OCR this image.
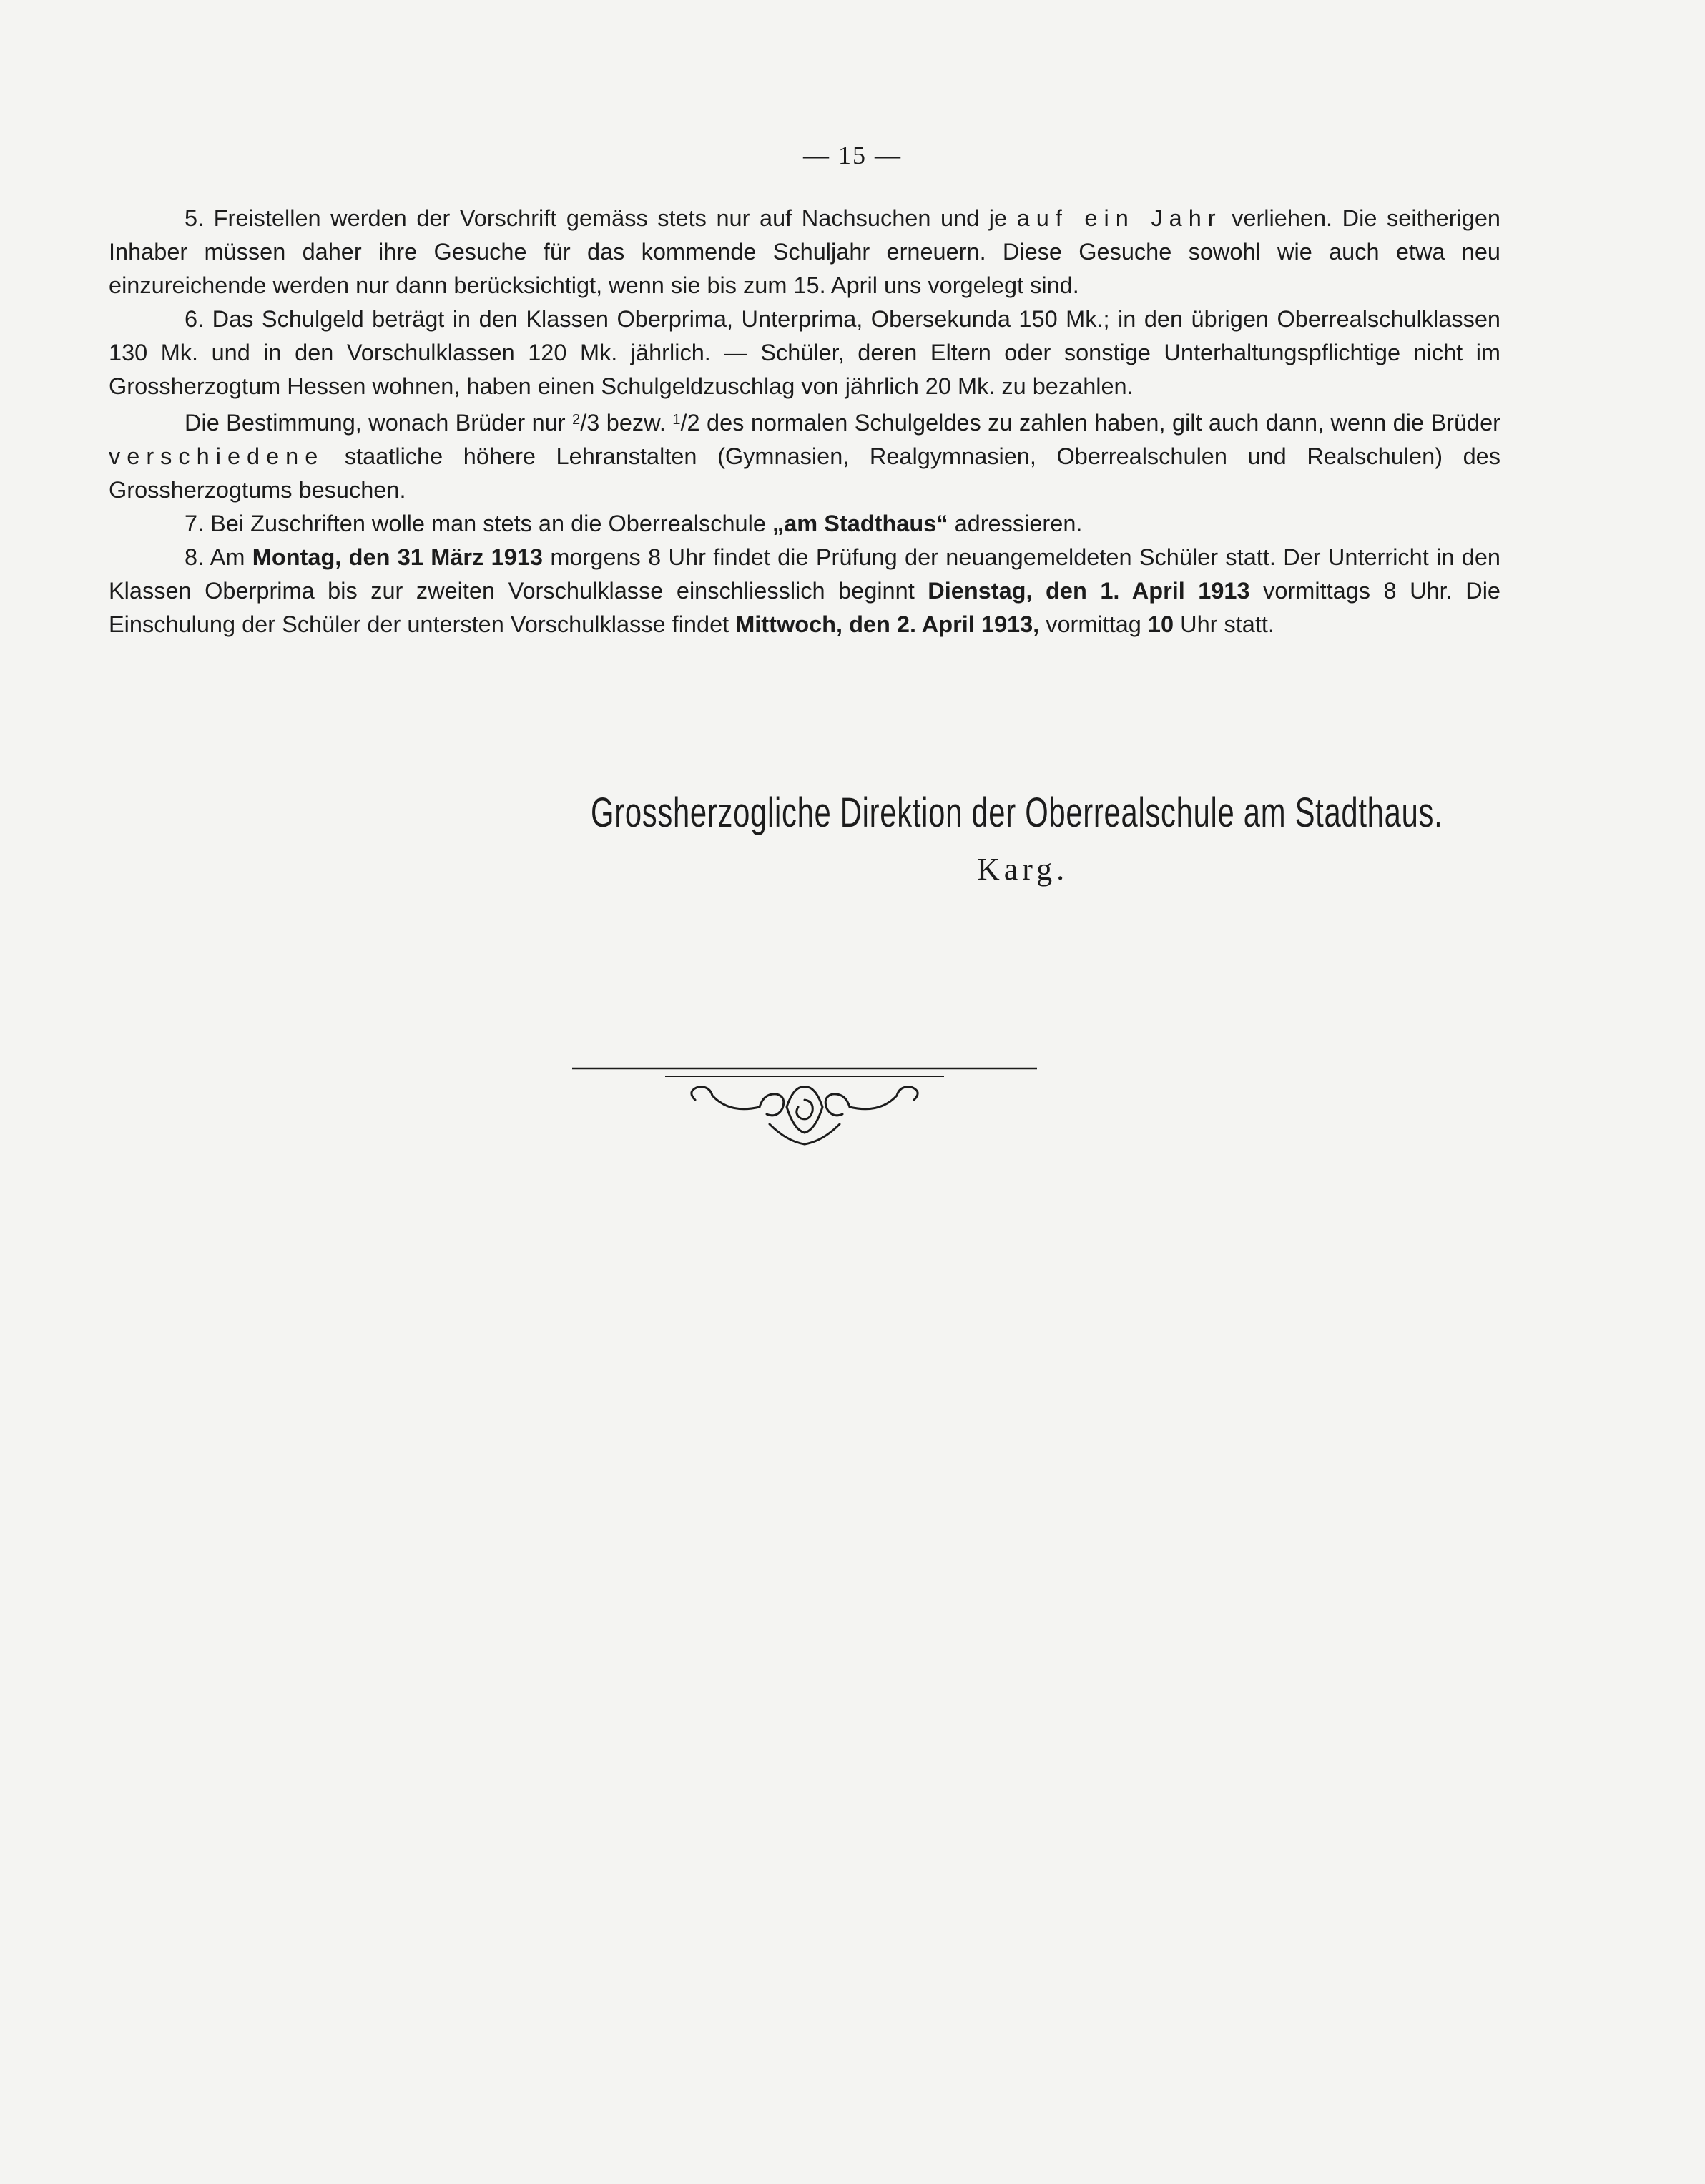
— 15 —

5. Freistellen werden der Vorschrift gemäss stets nur auf Nachsuchen und je auf ein Jahr verliehen. Die seitherigen Inhaber müssen daher ihre Gesuche für das kommende Schuljahr erneuern. Diese Gesuche sowohl wie auch etwa neu einzureichende werden nur dann berücksichtigt, wenn sie bis zum 15. April uns vorgelegt sind.

6. Das Schulgeld beträgt in den Klassen Oberprima, Unterprima, Obersekunda 150 Mk.; in den übrigen Oberrealschulklassen 130 Mk. und in den Vorschulklassen 120 Mk. jährlich. — Schüler, deren Eltern oder sonstige Unterhaltungspflichtige nicht im Grossherzogtum Hessen wohnen, haben einen Schulgeldzuschlag von jährlich 20 Mk. zu bezahlen.

Die Bestimmung, wonach Brüder nur $^2$/3 bezw. $^1$/2 des normalen Schulgeldes zu zahlen haben, gilt auch dann, wenn die Brüder verschiedene staatliche höhere Lehranstalten (Gymnasien, Realgymnasien, Oberrealschulen und Realschulen) des Grossherzogtums besuchen.

7. Bei Zuschriften wolle man stets an die Oberrealschule „am Stadthaus“ adressieren.

8. Am Montag, den 31 März 1913 morgens 8 Uhr findet die Prüfung der neuangemeldeten Schüler statt. Der Unterricht in den Klassen Oberprima bis zur zweiten Vorschulklasse einschliesslich beginnt Dienstag, den 1. April 1913 vormittags 8 Uhr. Die Einschulung der Schüler der untersten Vorschulklasse findet Mittwoch, den 2. April 1913, vormittag 10 Uhr statt.

Grossherzogliche Direktion der Oberrealschule am Stadthaus.
Karg.
